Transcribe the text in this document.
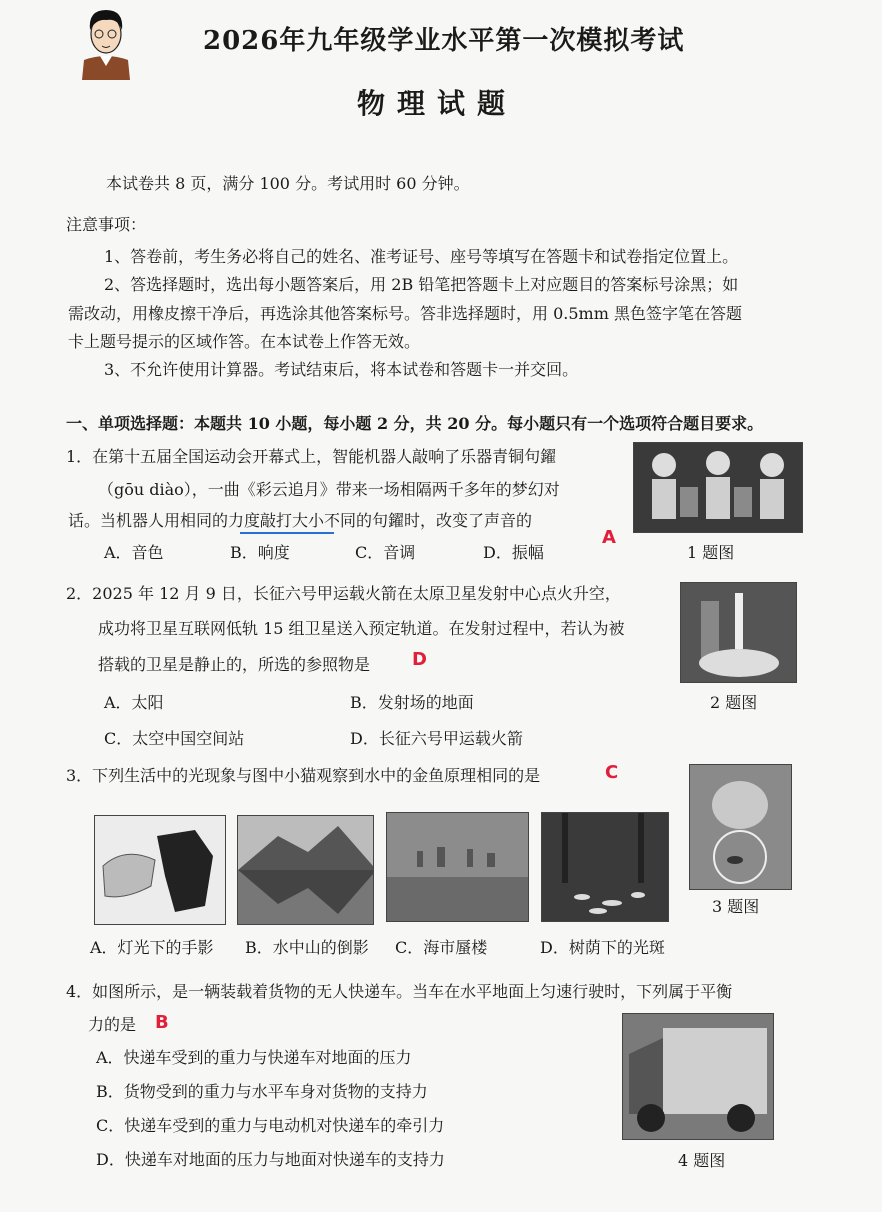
2026年九年级学业水平第一次模拟考试
物理试题
本试卷共 8 页，满分 100 分。考试用时 60 分钟。
注意事项：
1、答卷前，考生务必将自己的姓名、准考证号、座号等填写在答题卡和试卷指定位置上。
2、答选择题时，选出每小题答案后，用 2B 铅笔把答题卡上对应题目的答案标号涂黑；如
需改动，用橡皮擦干净后，再选涂其他答案标号。答非选择题时，用 0.5mm 黑色签字笔在答题
卡上题号提示的区域作答。在本试卷上作答无效。
3、不允许使用计算器。考试结束后，将本试卷和答题卡一并交回。
一、单项选择题：本题共 10 小题，每小题 2 分，共 20 分。每小题只有一个选项符合题目要求。
1．在第十五届全国运动会开幕式上，智能机器人敲响了乐器青铜句鑃
（gōu diào），一曲《彩云追月》带来一场相隔两千多年的梦幻对
话。当机器人用相同的力度敲打大小不同的句鑃时，改变了声音的
A．音色	B．响度	C．音调	D．振幅
A
1 题图
2．2025 年 12 月 9 日，长征六号甲运载火箭在太原卫星发射中心点火升空，
成功将卫星互联网低轨 15 组卫星送入预定轨道。在发射过程中，若认为被
搭载的卫星是静止的，所选的参照物是 D
A．太阳	B．发射场的地面
C．太空中国空间站	D．长征六号甲运载火箭
2 题图
3．下列生活中的光现象与图中小猫观察到水中的金鱼原理相同的是	C
3 题图
A．灯光下的手影 B．水中山的倒影 C．海市蜃楼	D．树荫下的光斑
4．如图所示，是一辆装载着货物的无人快递车。当车在水平地面上匀速行驶时，下列属于平衡
力的是 B
A．快递车受到的重力与快递车对地面的压力
B．货物受到的重力与水平车身对货物的支持力
C．快递车受到的重力与电动机对快递车的牵引力
D．快递车对地面的压力与地面对快递车的支持力	4 题图
